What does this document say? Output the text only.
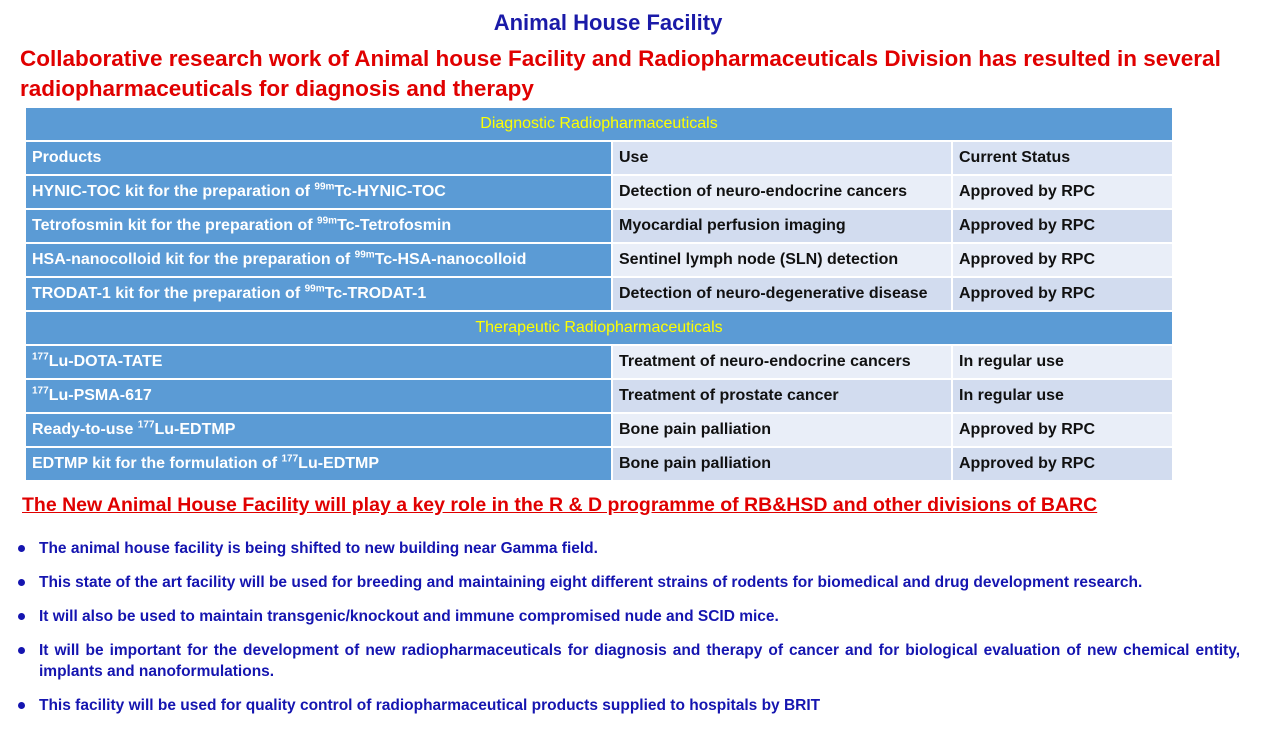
Animal House Facility
Collaborative research work of Animal house Facility and Radiopharmaceuticals Division has resulted in several radiopharmaceuticals for diagnosis and therapy
Diagnostic Radiopharmaceuticals		
Products	Use	Current Status
HYNIC-TOC kit for the preparation of $^{99m}$Tc-HYNIC-TOC	Detection of neuro-endocrine cancers	Approved by RPC
Tetrofosmin kit for the preparation of $^{99m}$Tc-Tetrofosmin	Myocardial perfusion imaging	Approved by RPC
HSA-nanocolloid kit for the preparation of $^{99m}$Tc-HSA-nanocolloid	Sentinel lymph node (SLN) detection	Approved by RPC
TRODAT-1 kit for the preparation of $^{99m}$Tc-TRODAT-1	Detection of neuro-degenerative disease	Approved by RPC
Therapeutic Radiopharmaceuticals		
$^{177}$Lu-DOTA-TATE	Treatment of neuro-endocrine cancers	In regular use
$^{177}$Lu-PSMA-617	Treatment of prostate cancer	In regular use
Ready-to-use $^{177}$Lu-EDTMP	Bone pain palliation	Approved by RPC
EDTMP kit for the formulation of $^{177}$Lu-EDTMP	Bone pain palliation	Approved by RPC
The New Animal House Facility will play a key role in the R & D programme of RB&HSD and other divisions of BARC
The animal house facility is being shifted to new building near Gamma field.
This state of the art facility will be used for breeding and maintaining eight different strains of rodents for biomedical and drug development research.
It will also be used to maintain transgenic/knockout and immune compromised nude and SCID mice.
It will be important for the development of new radiopharmaceuticals for diagnosis and therapy of cancer and for biological evaluation of new chemical entity, implants and nanoformulations.
This facility will be used for quality control of radiopharmaceutical products supplied to hospitals by BRIT
